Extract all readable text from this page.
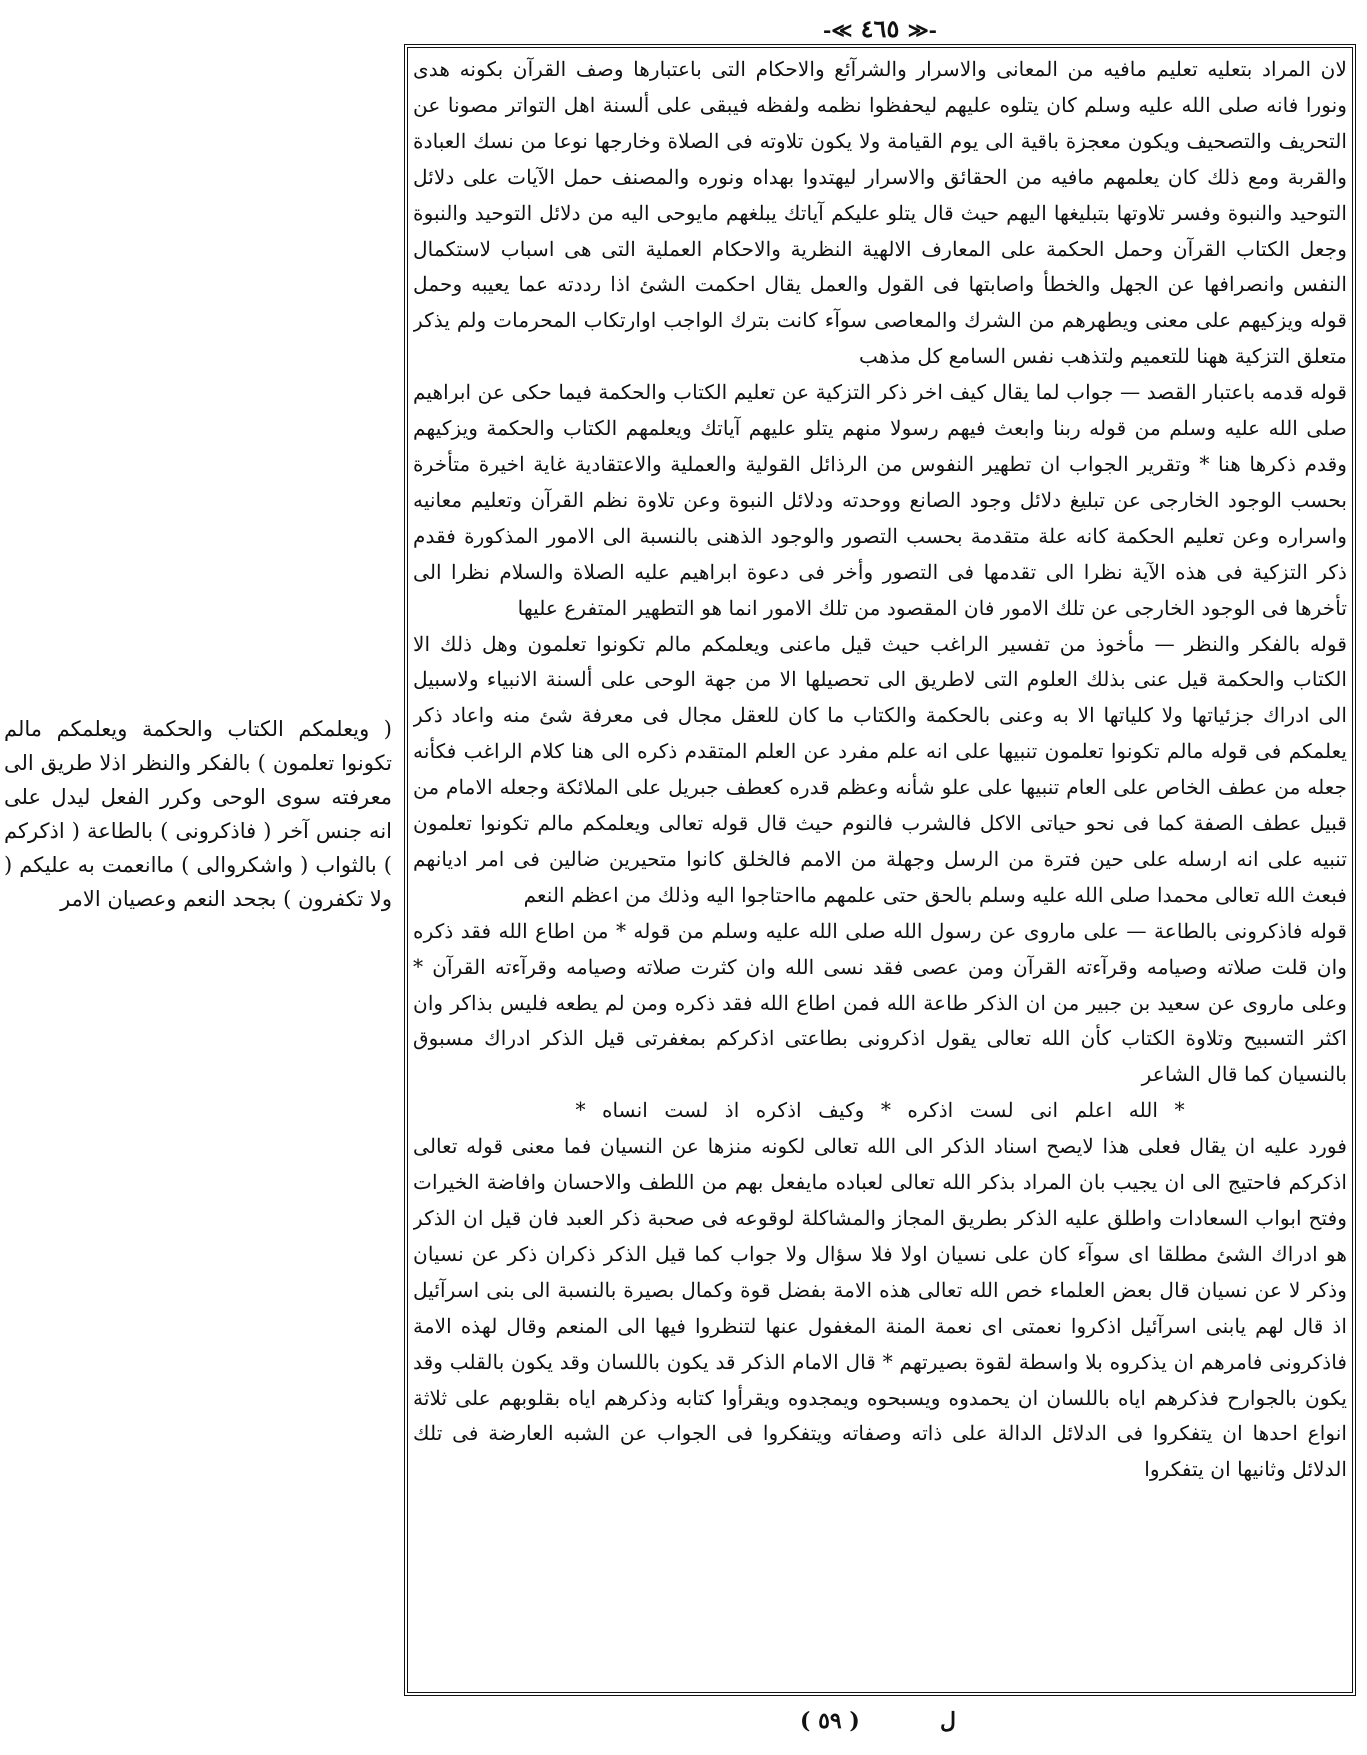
-≪ ٤٦٥ ≫-

لان المراد بتعليه تعليم مافيه من المعانى والاسرار والشرآئع والاحكام التى باعتبارها وصف القرآن بكونه هدى ونورا فانه صلى الله عليه وسلم كان يتلوه عليهم ليحفظوا نظمه ولفظه فيبقى على ألسنة اهل التواتر مصونا عن التحريف والتصحيف ويكون معجزة باقية الى يوم القيامة ولا يكون تلاوته فى الصلاة وخارجها نوعا من نسك العبادة والقربة ومع ذلك كان يعلمهم مافيه من الحقائق والاسرار ليهتدوا بهداه ونوره والمصنف حمل الآيات على دلائل التوحيد والنبوة وفسر تلاوتها بتبليغها اليهم حيث قال يتلو عليكم آياتك يبلغهم مايوحى اليه من دلائل التوحيد والنبوة وجعل الكتاب القرآن وحمل الحكمة على المعارف الالهية النظرية والاحكام العملية التى هى اسباب لاستكمال النفس وانصرافها عن الجهل والخطأ واصابتها فى القول والعمل يقال احكمت الشئ اذا رددته عما يعيبه وحمل قوله ويزكيهم على معنى ويطهرهم من الشرك والمعاصى سوآء كانت بترك الواجب اوارتكاب المحرمات ولم يذكر متعلق التزكية ههنا للتعميم ولتذهب نفس السامع كل مذهب

قوله قدمه باعتبار القصد — جواب لما يقال كيف اخر ذكر التزكية عن تعليم الكتاب والحكمة فيما حكى عن ابراهيم صلى الله عليه وسلم من قوله ربنا وابعث فيهم رسولا منهم يتلو عليهم آياتك ويعلمهم الكتاب والحكمة ويزكيهم وقدم ذكرها هنا * وتقرير الجواب ان تطهير النفوس من الرذائل القولية والعملية والاعتقادية غاية اخيرة متأخرة بحسب الوجود الخارجى عن تبليغ دلائل وجود الصانع ووحدته ودلائل النبوة وعن تلاوة نظم القرآن وتعليم معانيه واسراره وعن تعليم الحكمة كانه علة متقدمة بحسب التصور والوجود الذهنى بالنسبة الى الامور المذكورة فقدم ذكر التزكية فى هذه الآية نظرا الى تقدمها فى التصور وأخر فى دعوة ابراهيم عليه الصلاة والسلام نظرا الى تأخرها فى الوجود الخارجى عن تلك الامور فان المقصود من تلك الامور انما هو التطهير المتفرع عليها

قوله بالفكر والنظر — مأخوذ من تفسير الراغب حيث قيل ماعنى ويعلمكم مالم تكونوا تعلمون وهل ذلك الا الكتاب والحكمة قيل عنى بذلك العلوم التى لاطريق الى تحصيلها الا من جهة الوحى على ألسنة الانبياء ولاسبيل الى ادراك جزئياتها ولا كلياتها الا به وعنى بالحكمة والكتاب ما كان للعقل مجال فى معرفة شئ منه واعاد ذكر يعلمكم فى قوله مالم تكونوا تعلمون تنبيها على انه علم مفرد عن العلم المتقدم ذكره الى هنا كلام الراغب فكأنه جعله من عطف الخاص على العام تنبيها على علو شأنه وعظم قدره كعطف جبريل على الملائكة وجعله الامام من قبيل عطف الصفة كما فى نحو حياتى الاكل فالشرب فالنوم حيث قال قوله تعالى ويعلمكم مالم تكونوا تعلمون تنبيه على انه ارسله على حين فترة من الرسل وجهلة من الامم فالخلق كانوا متحيرين ضالين فى امر اديانهم فبعث الله تعالى محمدا صلى الله عليه وسلم بالحق حتى علمهم مااحتاجوا اليه وذلك من اعظم النعم

قوله فاذكرونى بالطاعة — على ماروى عن رسول الله صلى الله عليه وسلم من قوله * من اطاع الله فقد ذكره وان قلت صلاته وصيامه وقرآءته القرآن ومن عصى فقد نسى الله وان كثرت صلاته وصيامه وقرآءته القرآن * وعلى ماروى عن سعيد بن جبير من ان الذكر طاعة الله فمن اطاع الله فقد ذكره ومن لم يطعه فليس بذاكر وان اكثر التسبيح وتلاوة الكتاب كأن الله تعالى يقول اذكرونى بطاعتى اذكركم بمغفرتى قيل الذكر ادراك مسبوق بالنسيان كما قال الشاعر

* الله اعلم انى لست اذكره * وكيف اذكره اذ لست انساه *

فورد عليه ان يقال فعلى هذا لايصح اسناد الذكر الى الله تعالى لكونه منزها عن النسيان فما معنى قوله تعالى اذكركم فاحتيج الى ان يجيب بان المراد بذكر الله تعالى لعباده مايفعل بهم من اللطف والاحسان وافاضة الخيرات وفتح ابواب السعادات واطلق عليه الذكر بطريق المجاز والمشاكلة لوقوعه فى صحبة ذكر العبد فان قيل ان الذكر هو ادراك الشئ مطلقا اى سوآء كان على نسيان اولا فلا سؤال ولا جواب كما قيل الذكر ذكران ذكر عن نسيان وذكر لا عن نسيان قال بعض العلماء خص الله تعالى هذه الامة بفضل قوة وكمال بصيرة بالنسبة الى بنى اسرآئيل اذ قال لهم يابنى اسرآئيل اذكروا نعمتى اى نعمة المنة المغفول عنها لتنظروا فيها الى المنعم وقال لهذه الامة فاذكرونى فامرهم ان يذكروه بلا واسطة لقوة بصيرتهم * قال الامام الذكر قد يكون باللسان وقد يكون بالقلب وقد يكون بالجوارح فذكرهم اياه باللسان ان يحمدوه ويسبحوه ويمجدوه ويقرأوا كتابه وذكرهم اياه بقلوبهم على ثلاثة انواع احدها ان يتفكروا فى الدلائل الدالة على ذاته وصفاته ويتفكروا فى الجواب عن الشبه العارضة فى تلك الدلائل وثانيها ان يتفكروا

( ويعلمكم الكتاب والحكمة ويعلمكم مالم تكونوا تعلمون ) بالفكر والنظر اذلا طريق الى معرفته سوى الوحى وكرر الفعل ليدل على انه جنس آخر ( فاذكرونى ) بالطاعة ( اذكركم ) بالثواب ( واشكروالى ) ماانعمت به عليكم ( ولا تكفرون ) بجحد النعم وعصيان الامر
( ٥٩ )	ل
